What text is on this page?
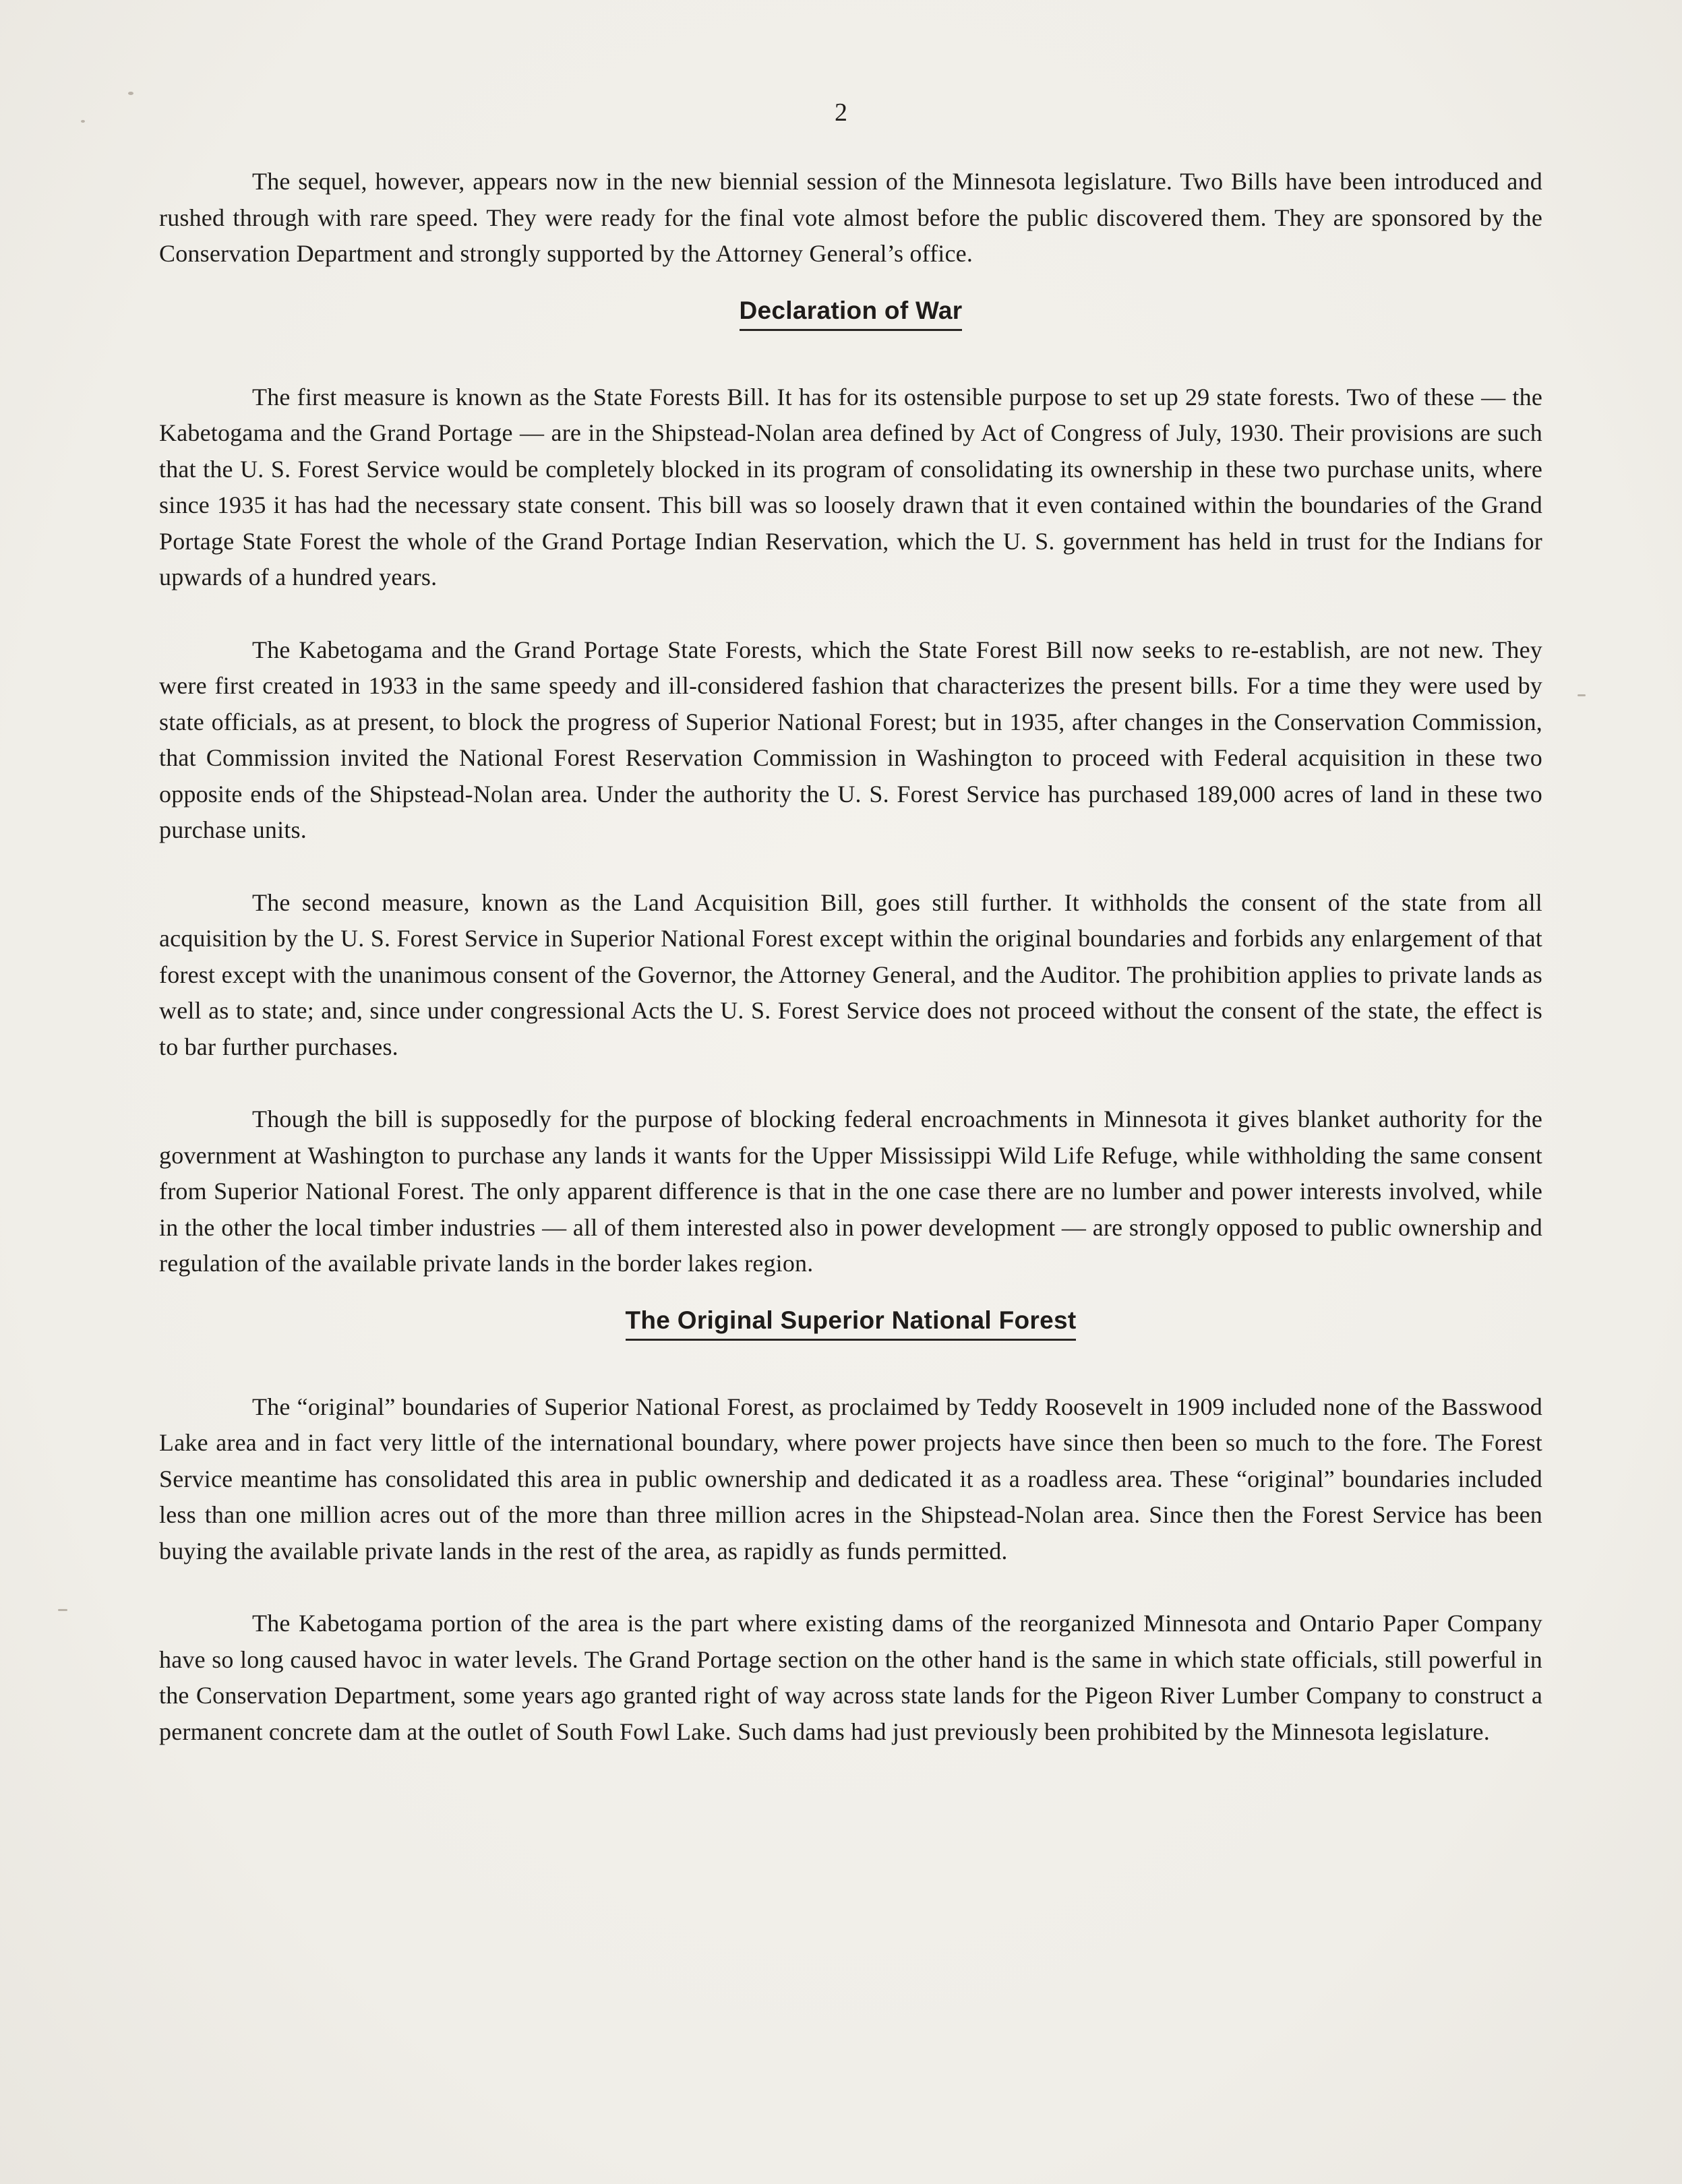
2

The sequel, however, appears now in the new biennial session of the Minnesota legislature. Two Bills have been introduced and rushed through with rare speed. They were ready for the final vote almost before the public discovered them. They are sponsored by the Conservation Department and strongly supported by the Attorney General’s office.

Declaration of War

The first measure is known as the State Forests Bill. It has for its ostensible purpose to set up 29 state forests. Two of these — the Kabetogama and the Grand Portage — are in the Shipstead-Nolan area defined by Act of Congress of July, 1930. Their provisions are such that the U. S. Forest Service would be completely blocked in its program of consolidating its ownership in these two purchase units, where since 1935 it has had the necessary state consent. This bill was so loosely drawn that it even contained within the boundaries of the Grand Portage State Forest the whole of the Grand Portage Indian Reservation, which the U. S. government has held in trust for the Indians for upwards of a hundred years.

The Kabetogama and the Grand Portage State Forests, which the State Forest Bill now seeks to re-establish, are not new. They were first created in 1933 in the same speedy and ill-considered fashion that characterizes the present bills. For a time they were used by state officials, as at present, to block the progress of Superior National Forest; but in 1935, after changes in the Conservation Commission, that Commission invited the National Forest Reservation Commission in Washington to proceed with Federal acquisition in these two opposite ends of the Shipstead-Nolan area. Under the authority the U. S. Forest Service has purchased 189,000 acres of land in these two purchase units.

The second measure, known as the Land Acquisition Bill, goes still further. It withholds the consent of the state from all acquisition by the U. S. Forest Service in Superior National Forest except within the original boundaries and forbids any enlargement of that forest except with the unanimous consent of the Governor, the Attorney General, and the Auditor. The prohibition applies to private lands as well as to state; and, since under congressional Acts the U. S. Forest Service does not proceed without the consent of the state, the effect is to bar further purchases.

Though the bill is supposedly for the purpose of blocking federal encroachments in Minnesota it gives blanket authority for the government at Washington to purchase any lands it wants for the Upper Mississippi Wild Life Refuge, while withholding the same consent from Superior National Forest. The only apparent difference is that in the one case there are no lumber and power interests involved, while in the other the local timber industries — all of them interested also in power development — are strongly opposed to public ownership and regulation of the available private lands in the border lakes region.

The Original Superior National Forest

The “original” boundaries of Superior National Forest, as proclaimed by Teddy Roosevelt in 1909 included none of the Basswood Lake area and in fact very little of the international boundary, where power projects have since then been so much to the fore. The Forest Service meantime has consolidated this area in public ownership and dedicated it as a roadless area. These “original” boundaries included less than one million acres out of the more than three million acres in the Shipstead-Nolan area. Since then the Forest Service has been buying the available private lands in the rest of the area, as rapidly as funds permitted.

The Kabetogama portion of the area is the part where existing dams of the reorganized Minnesota and Ontario Paper Company have so long caused havoc in water levels. The Grand Portage section on the other hand is the same in which state officials, still powerful in the Conservation Department, some years ago granted right of way across state lands for the Pigeon River Lumber Company to construct a permanent concrete dam at the outlet of South Fowl Lake. Such dams had just previously been prohibited by the Minnesota legislature.
